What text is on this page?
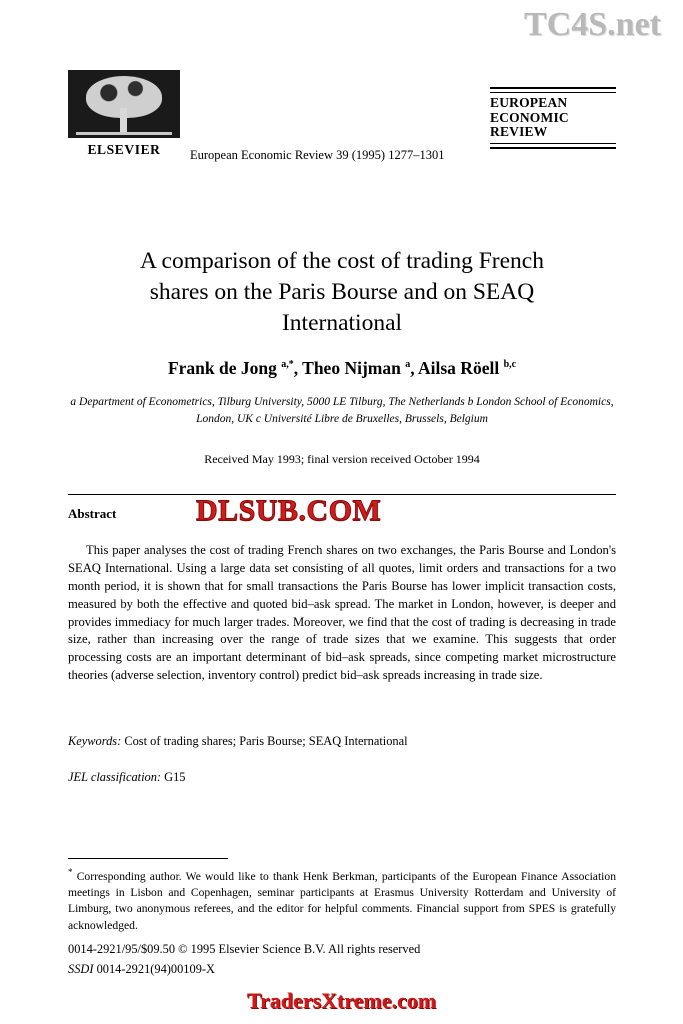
TC4S.net
ELSEVIER	European Economic Review 39 (1995) 1277–1301
EUROPEAN
ECONOMIC
REVIEW
A comparison of the cost of trading French
shares on the Paris Bourse and on SEAQ
International
Frank de Jong $^{a,*}$, Theo Nijman $^a$, Ailsa Röell $^{b,c}$
a Department of Econometrics, Tilburg University, 5000 LE Tilburg, The Netherlands b London School of Economics, London, UK c Université Libre de Bruxelles, Brussels, Belgium
Received May 1993; final version received October 1994
Abstract	DLSUB.COM
This paper analyses the cost of trading French shares on two exchanges, the Paris Bourse and London's SEAQ International. Using a large data set consisting of all quotes, limit orders and transactions for a two month period, it is shown that for small transactions the Paris Bourse has lower implicit transaction costs, measured by both the effective and quoted bid–ask spread. The market in London, however, is deeper and provides immediacy for much larger trades. Moreover, we find that the cost of trading is decreasing in trade size, rather than increasing over the range of trade sizes that we examine. This suggests that order processing costs are an important determinant of bid–ask spreads, since competing market microstructure theories (adverse selection, inventory control) predict bid–ask spreads increasing in trade size.
Keywords: Cost of trading shares; Paris Bourse; SEAQ International
JEL classification: G15
* Corresponding author. We would like to thank Henk Berkman, participants of the European Finance Association meetings in Lisbon and Copenhagen, seminar participants at Erasmus University Rotterdam and University of Limburg, two anonymous referees, and the editor for helpful comments. Financial support from SPES is gratefully acknowledged.
0014-2921/95/$09.50 © 1995 Elsevier Science B.V. All rights reserved
SSDI 0014-2921(94)00109-X
TradersXtreme.com
